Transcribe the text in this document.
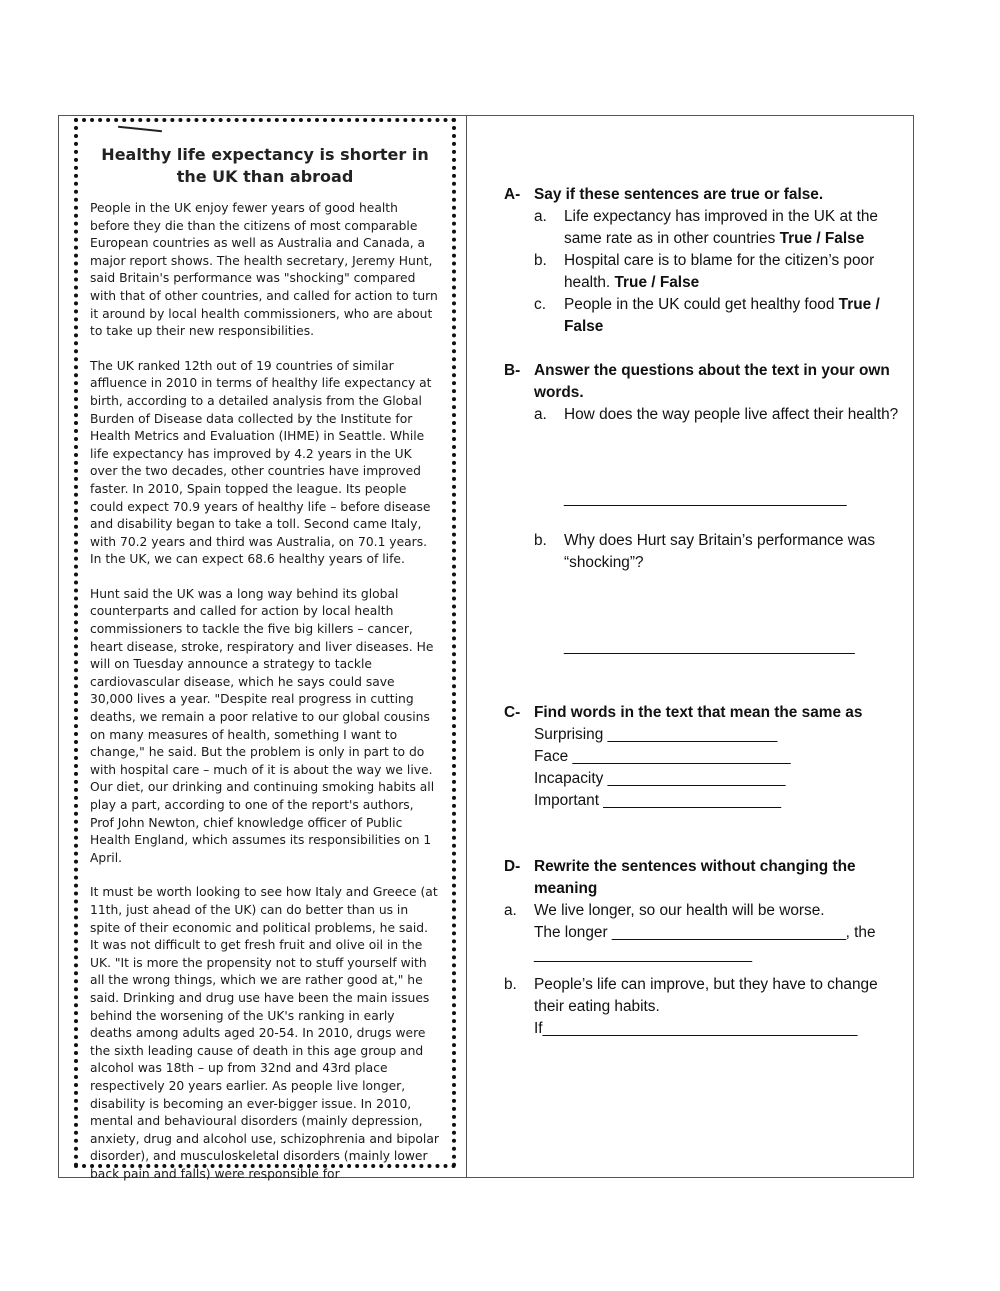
Healthy life expectancy is shorter in the UK than abroad

People in the UK enjoy fewer years of good health before they die than the citizens of most comparable European countries as well as Australia and Canada, a major report shows. The health secretary, Jeremy Hunt, said Britain's performance was "shocking" compared with that of other countries, and called for action to turn it around by local health commissioners, who are about to take up their new responsibilities.

The UK ranked 12th out of 19 countries of similar affluence in 2010 in terms of healthy life expectancy at birth, according to a detailed analysis from the Global Burden of Disease data collected by the Institute for Health Metrics and Evaluation (IHME) in Seattle. While life expectancy has improved by 4.2 years in the UK over the two decades, other countries have improved faster. In 2010, Spain topped the league. Its people could expect 70.9 years of healthy life – before disease and disability began to take a toll. Second came Italy, with 70.2 years and third was Australia, on 70.1 years. In the UK, we can expect 68.6 healthy years of life.

Hunt said the UK was a long way behind its global counterparts and called for action by local health commissioners to tackle the five big killers – cancer, heart disease, stroke, respiratory and liver diseases. He will on Tuesday announce a strategy to tackle cardiovascular disease, which he says could save 30,000 lives a year. "Despite real progress in cutting deaths, we remain a poor relative to our global cousins on many measures of health, something I want to change," he said. But the problem is only in part to do with hospital care – much of it is about the way we live. Our diet, our drinking and continuing smoking habits all play a part, according to one of the report's authors, Prof John Newton, chief knowledge officer of Public Health England, which assumes its responsibilities on 1 April.

It must be worth looking to see how Italy and Greece (at 11th, just ahead of the UK) can do better than us in spite of their economic and political problems, he said. It was not difficult to get fresh fruit and olive oil in the UK. "It is more the propensity not to stuff yourself with all the wrong things, which we are rather good at," he said. Drinking and drug use have been the main issues behind the worsening of the UK's ranking in early deaths among adults aged 20-54. In 2010, drugs were the sixth leading cause of death in this age group and alcohol was 18th – up from 32nd and 43rd place respectively 20 years earlier. As people live longer, disability is becoming an ever-bigger issue. In 2010, mental and behavioural disorders (mainly depression, anxiety, drug and alcohol use, schizophrenia and bipolar disorder), and musculoskeletal disorders (mainly lower back pain and falls) were responsible for

A- Say if these sentences are true or false.
a.	Life expectancy has improved in the UK at the same rate as in other countries True / False
b.	Hospital care is to blame for the citizen’s poor health. True / False
c.	People in the UK could get healthy food True / False
B- Answer the questions about the text in your own words.
a.	How does the way people live affect their health?
___________________________________
b.	Why does Hurt say Britain’s performance was “shocking”?
____________________________________
C- Find words in the text that mean the same as
Surprising _____________________
Face ___________________________
Incapacity ______________________
Important ______________________
D- Rewrite the sentences without changing the meaning
a.	We live longer, so our health will be worse.
The longer _____________________________, the
___________________________
b.	People’s life can improve, but they have to change their eating habits.
If_______________________________________
